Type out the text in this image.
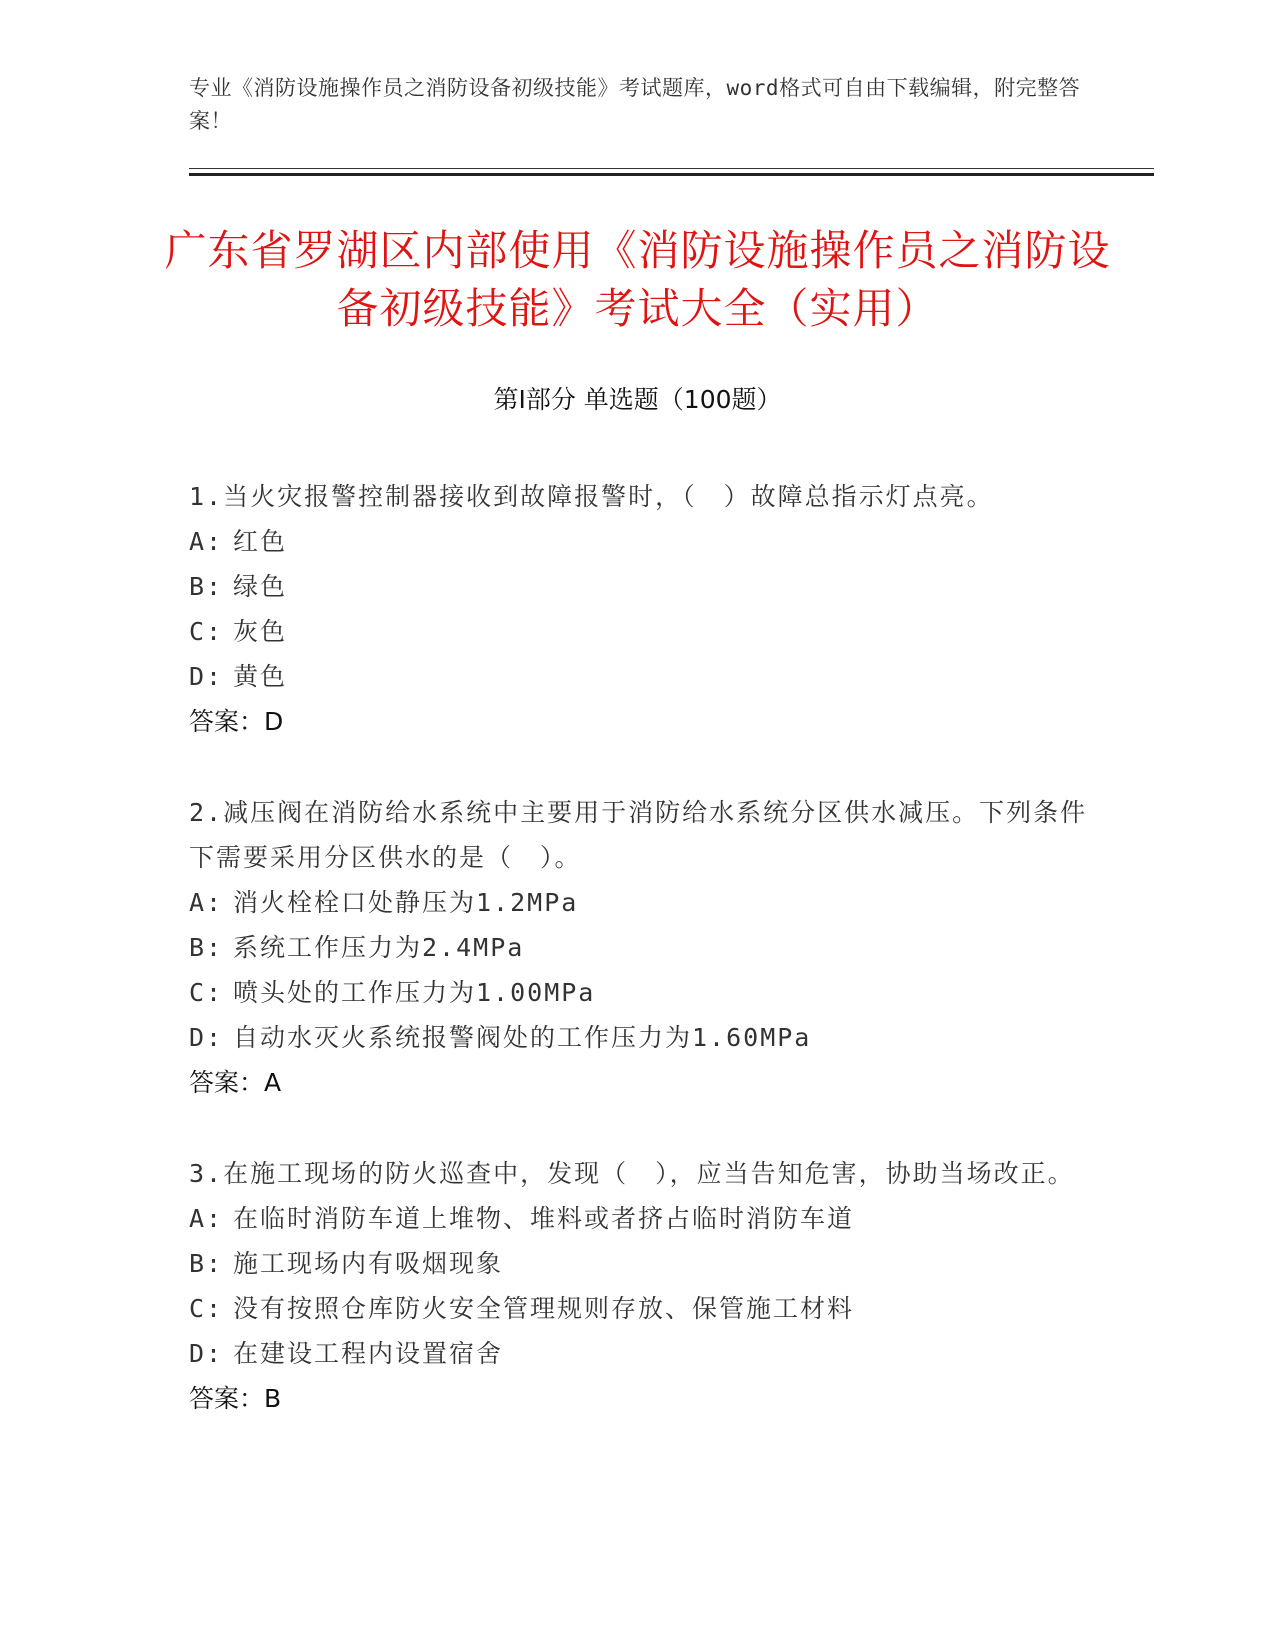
专业《消防设施操作员之消防设备初级技能》考试题库，word格式可自由下载编辑，附完整答案！
广东省罗湖区内部使用《消防设施操作员之消防设备初级技能》考试大全（实用）
第Ⅰ部分 单选题（100题）

1.当火灾报警控制器接收到故障报警时，（　）故障总指示灯点亮。

A: 红色

B: 绿色

C: 灰色

D: 黄色

答案：D

2.减压阀在消防给水系统中主要用于消防给水系统分区供水减压。下列条件下需要采用分区供水的是（　）。

A: 消火栓栓口处静压为1.2MPa

B: 系统工作压力为2.4MPa

C: 喷头处的工作压力为1.00MPa

D: 自动水灭火系统报警阀处的工作压力为1.60MPa

答案：A

3.在施工现场的防火巡查中，发现（　），应当告知危害，协助当场改正。

A: 在临时消防车道上堆物、堆料或者挤占临时消防车道

B: 施工现场内有吸烟现象

C: 没有按照仓库防火安全管理规则存放、保管施工材料

D: 在建设工程内设置宿舍

答案：B
